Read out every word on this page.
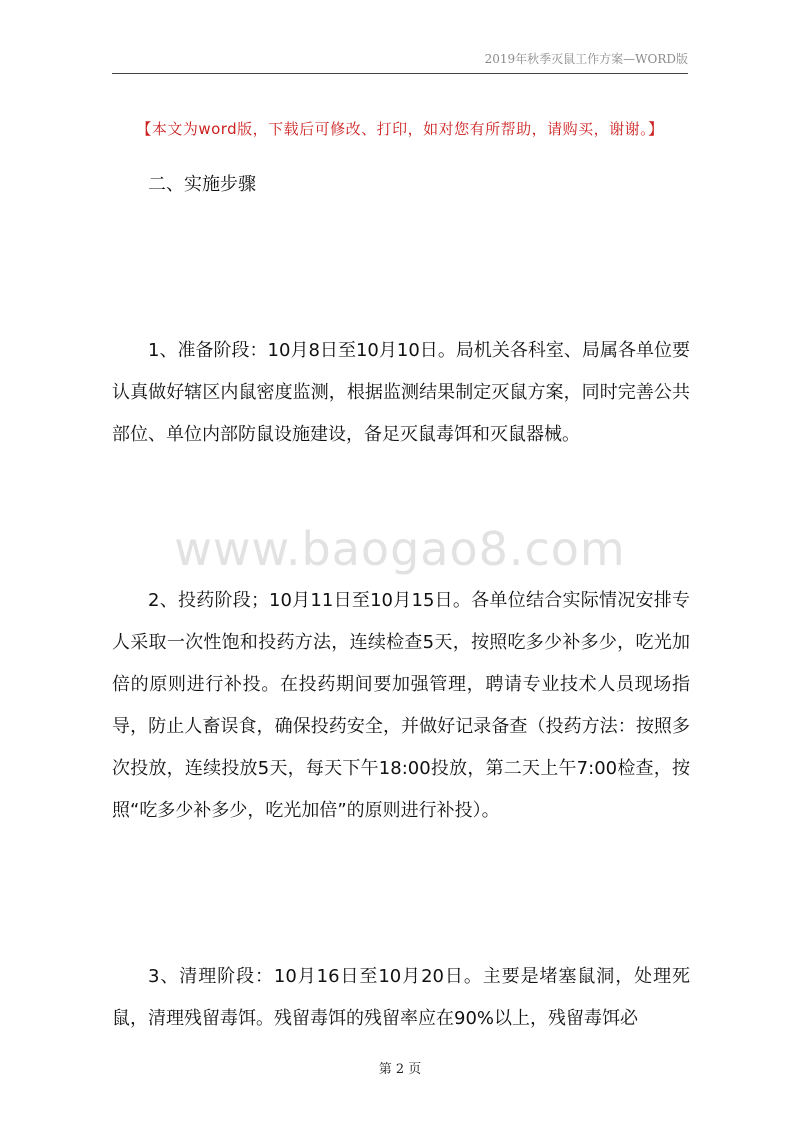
2019年秋季灭鼠工作方案—WORD版
【本文为word版，下载后可修改、打印，如对您有所帮助，请购买，谢谢。】
二、实施步骤

1、准备阶段：10月8日至10月10日。局机关各科室、局属各单位要认真做好辖区内鼠密度监测，根据监测结果制定灭鼠方案，同时完善公共部位、单位内部防鼠设施建设，备足灭鼠毒饵和灭鼠器械。

www.baogao8.com

2、投药阶段；10月11日至10月15日。各单位结合实际情况安排专人采取一次性饱和投药方法，连续检查5天，按照吃多少补多少，吃光加倍的原则进行补投。在投药期间要加强管理，聘请专业技术人员现场指导，防止人畜误食，确保投药安全，并做好记录备查（投药方法：按照多次投放，连续投放5天，每天下午18:00投放，第二天上午7:00检查，按照“吃多少补多少，吃光加倍”的原则进行补投）。

3、清理阶段：10月16日至10月20日。主要是堵塞鼠洞，处理死鼠，清理残留毒饵。残留毒饵的残留率应在90%以上，残留毒饵必

第 2 页
